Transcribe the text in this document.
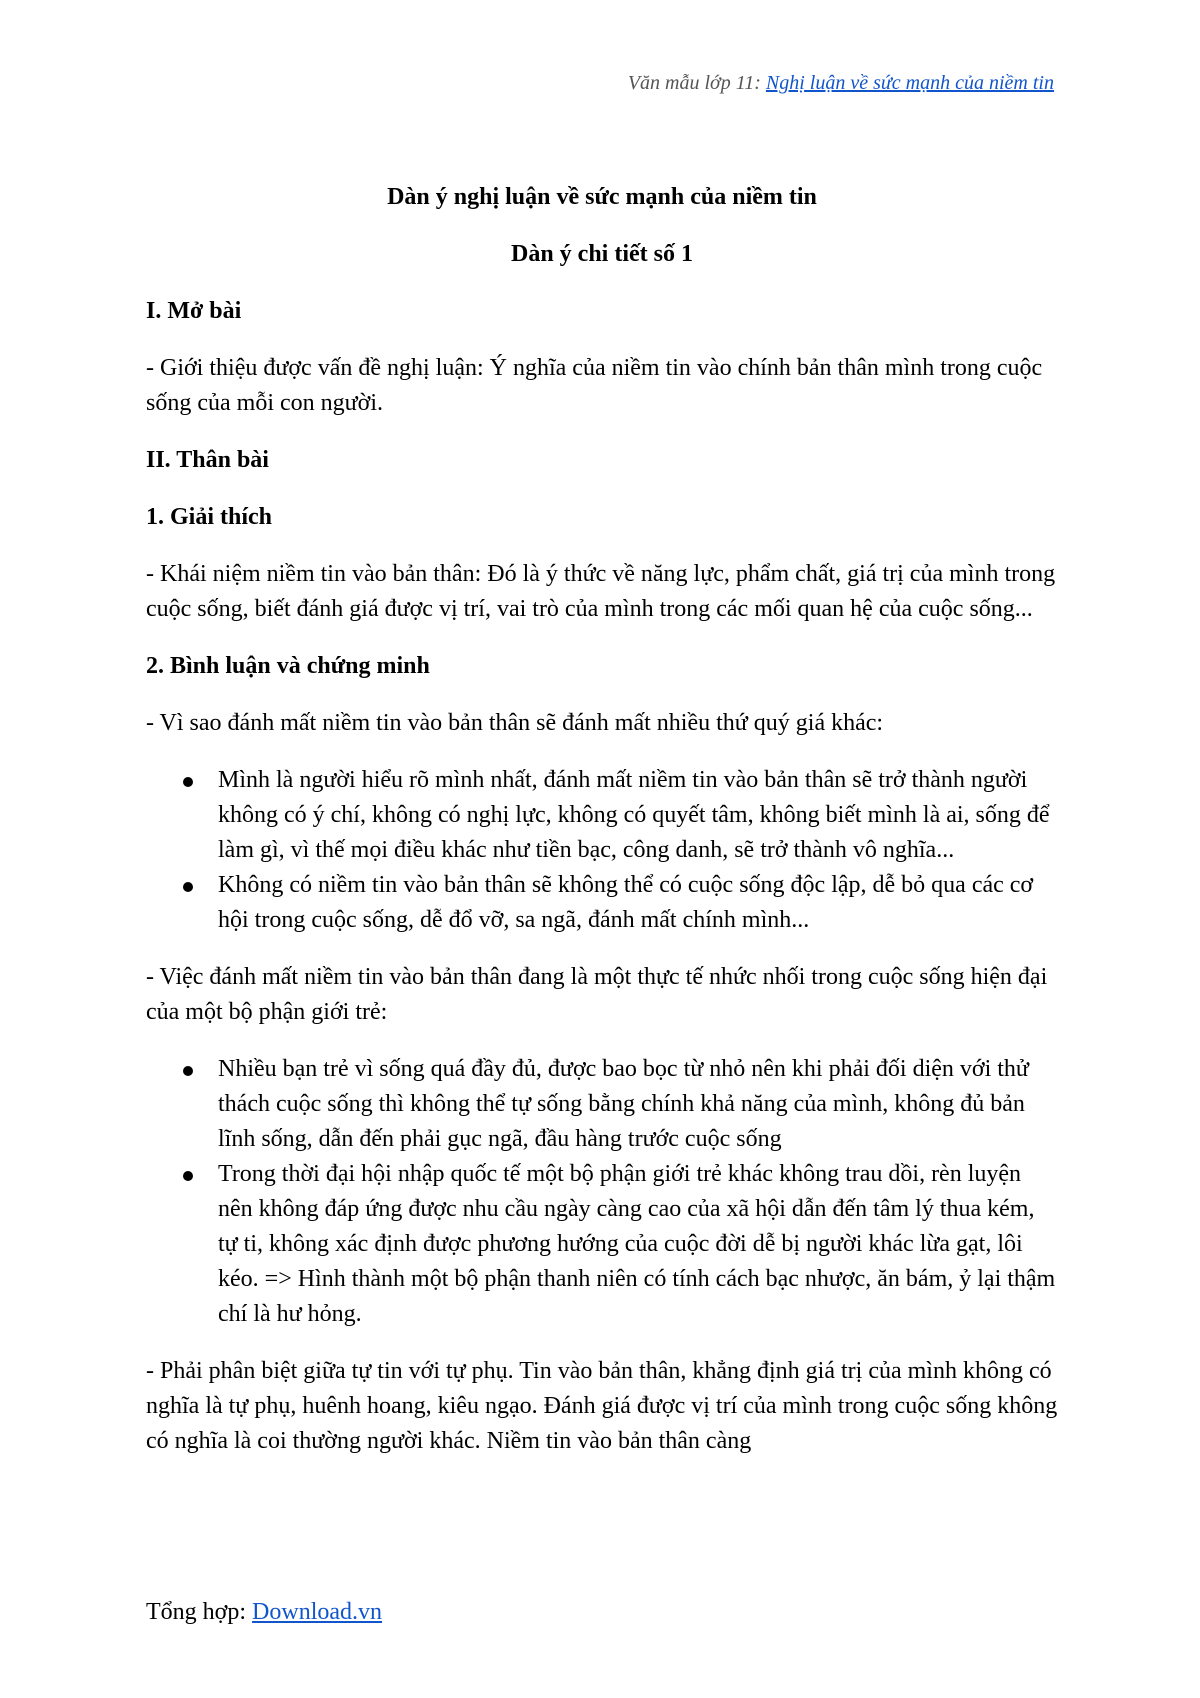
Văn mẫu lớp 11: Nghị luận về sức mạnh của niềm tin
Dàn ý nghị luận về sức mạnh của niềm tin
Dàn ý chi tiết số 1
I. Mở bài
- Giới thiệu được vấn đề nghị luận: Ý nghĩa của niềm tin vào chính bản thân mình trong cuộc sống của mỗi con người.
II. Thân bài
1. Giải thích
- Khái niệm niềm tin vào bản thân: Đó là ý thức về năng lực, phẩm chất, giá trị của mình trong cuộc sống, biết đánh giá được vị trí, vai trò của mình trong các mối quan hệ của cuộc sống...
2. Bình luận và chứng minh
- Vì sao đánh mất niềm tin vào bản thân sẽ đánh mất nhiều thứ quý giá khác:
Mình là người hiểu rõ mình nhất, đánh mất niềm tin vào bản thân sẽ trở thành người không có ý chí, không có nghị lực, không có quyết tâm, không biết mình là ai, sống để làm gì, vì thế mọi điều khác như tiền bạc, công danh, sẽ trở thành vô nghĩa...
Không có niềm tin vào bản thân sẽ không thể có cuộc sống độc lập, dễ bỏ qua các cơ hội trong cuộc sống, dễ đổ vỡ, sa ngã, đánh mất chính mình...
- Việc đánh mất niềm tin vào bản thân đang là một thực tế nhức nhối trong cuộc sống hiện đại của một bộ phận giới trẻ:
Nhiều bạn trẻ vì sống quá đầy đủ, được bao bọc từ nhỏ nên khi phải đối diện với thử thách cuộc sống thì không thể tự sống bằng chính khả năng của mình, không đủ bản lĩnh sống, dẫn đến phải gục ngã, đầu hàng trước cuộc sống
Trong thời đại hội nhập quốc tế một bộ phận giới trẻ khác không trau dồi, rèn luyện nên không đáp ứng được nhu cầu ngày càng cao của xã hội dẫn đến tâm lý thua kém, tự ti, không xác định được phương hướng của cuộc đời dễ bị người khác lừa gạt, lôi kéo. => Hình thành một bộ phận thanh niên có tính cách bạc nhược, ăn bám, ỷ lại thậm chí là hư hỏng.
- Phải phân biệt giữa tự tin với tự phụ. Tin vào bản thân, khẳng định giá trị của mình không có nghĩa là tự phụ, huênh hoang, kiêu ngạo. Đánh giá được vị trí của mình trong cuộc sống không có nghĩa là coi thường người khác. Niềm tin vào bản thân càng
Tổng hợp: Download.vn
